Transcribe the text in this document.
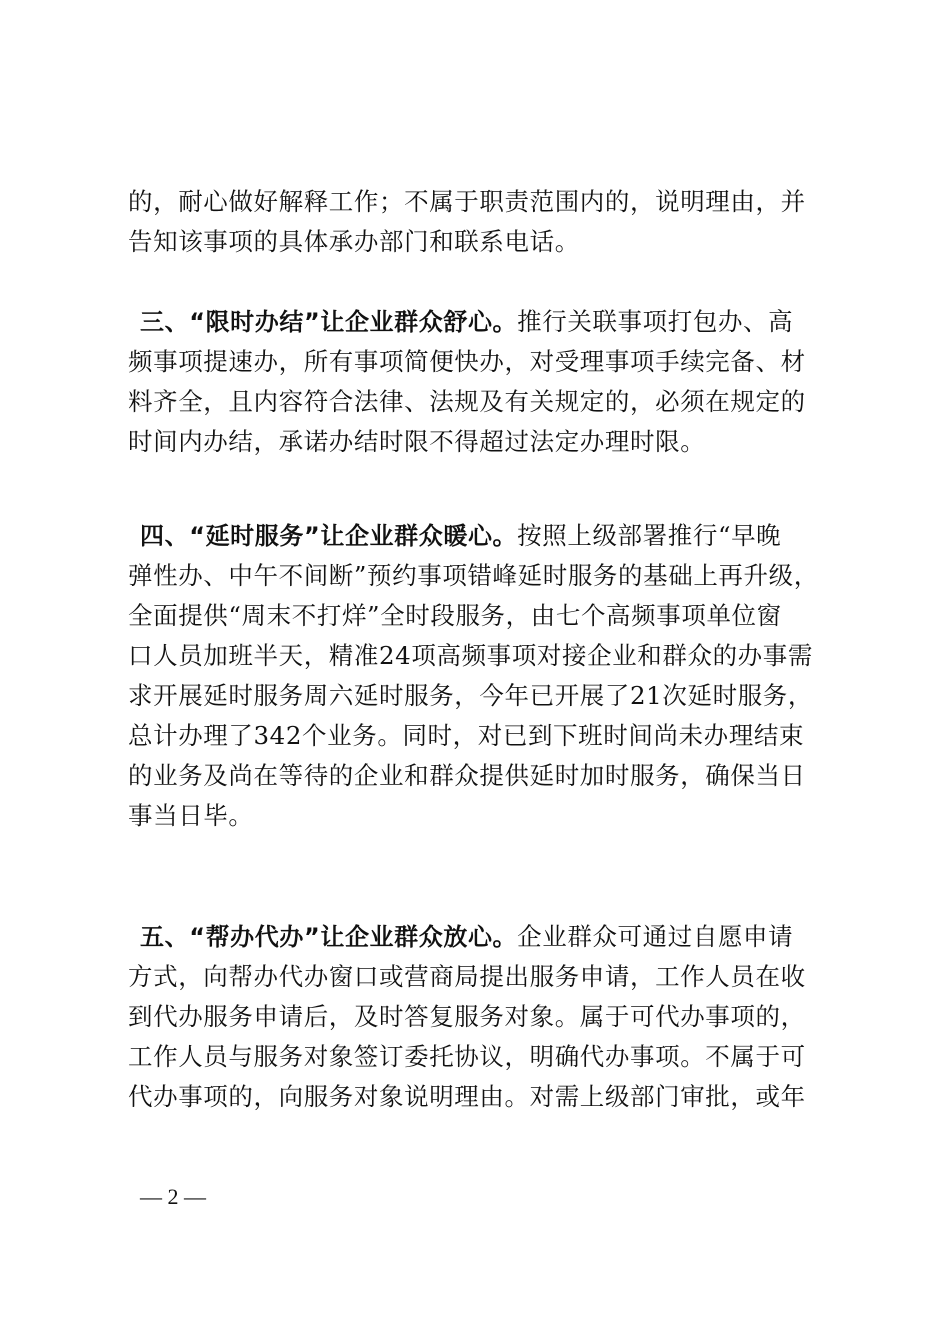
的，耐心做好解释工作；不属于职责范围内的，说明理由，并
告知该事项的具体承办部门和联系电话。
三、“限时办结”让企业群众舒心。推行关联事项打包办、高
频事项提速办，所有事项简便快办，对受理事项手续完备、材
料齐全，且内容符合法律、法规及有关规定的，必须在规定的
时间内办结，承诺办结时限不得超过法定办理时限。
四、“延时服务”让企业群众暖心。按照上级部署推行“早晚
弹性办、中午不间断”预约事项错峰延时服务的基础上再升级，
全面提供“周末不打烊”全时段服务，由七个高频事项单位窗
口人员加班半天，精准24项高频事项对接企业和群众的办事需
求开展延时服务周六延时服务，今年已开展了21次延时服务，
总计办理了342个业务。同时，对已到下班时间尚未办理结束
的业务及尚在等待的企业和群众提供延时加时服务，确保当日
事当日毕。
五、“帮办代办”让企业群众放心。企业群众可通过自愿申请
方式，向帮办代办窗口或营商局提出服务申请，工作人员在收
到代办服务申请后，及时答复服务对象。属于可代办事项的，
工作人员与服务对象签订委托协议，明确代办事项。不属于可
代办事项的，向服务对象说明理由。对需上级部门审批，或年
— 2 —
